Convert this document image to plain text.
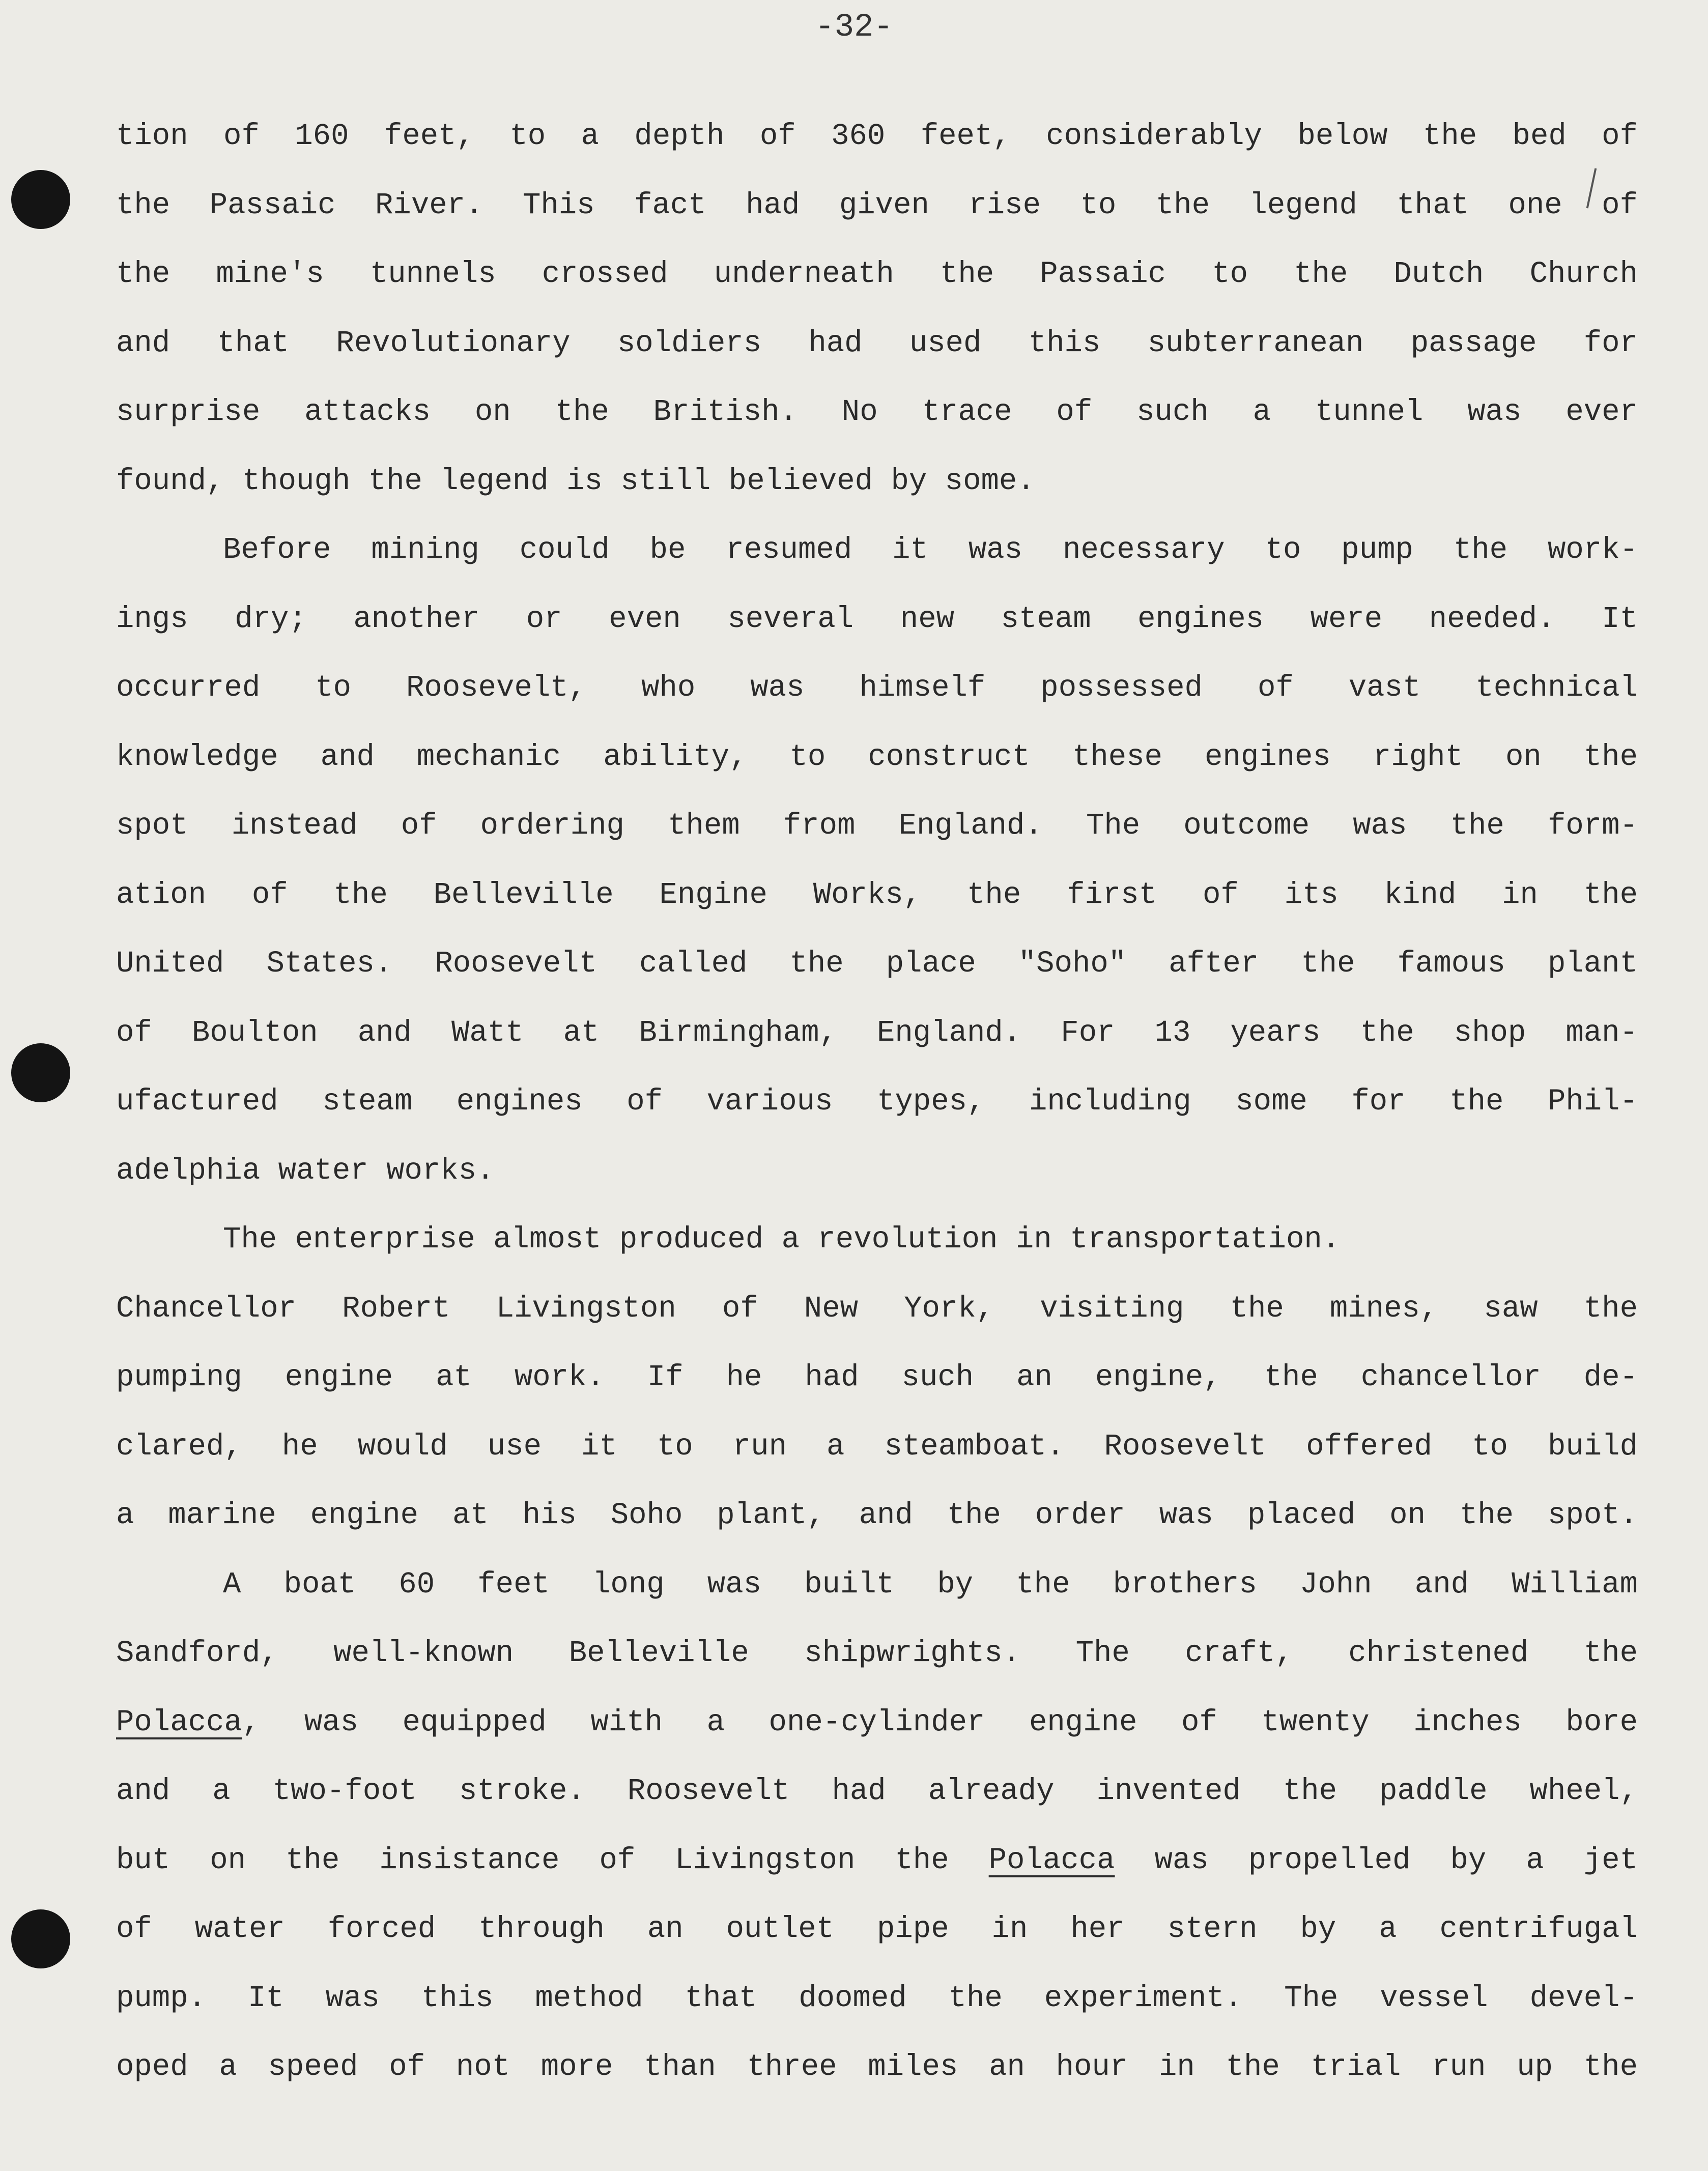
-32-
tion of 160 feet, to a depth of 360 feet, considerably below the bed of
the Passaic River. This fact had given rise to the legend that one of
the mine's tunnels crossed underneath the Passaic to the Dutch Church
and that Revolutionary soldiers had used this subterranean passage for
surprise attacks on the British. No trace of such a tunnel was ever
found, though the legend is still believed by some.
Before mining could be resumed it was necessary to pump the work-
ings dry; another or even several new steam engines were needed. It
occurred to Roosevelt, who was himself possessed of vast technical
knowledge and mechanic ability, to construct these engines right on the
spot instead of ordering them from England. The outcome was the form-
ation of the Belleville Engine Works, the first of its kind in the
United States. Roosevelt called the place "Soho" after the famous plant
of Boulton and Watt at Birmingham, England. For 13 years the shop man-
ufactured steam engines of various types, including some for the Phil-
adelphia water works.
The enterprise almost produced a revolution in transportation.
Chancellor Robert Livingston of New York, visiting the mines, saw the
pumping engine at work. If he had such an engine, the chancellor de-
clared, he would use it to run a steamboat. Roosevelt offered to build
a marine engine at his Soho plant, and the order was placed on the spot.
A boat 60 feet long was built by the brothers John and William
Sandford, well-known Belleville shipwrights. The craft, christened the
Polacca, was equipped with a one-cylinder engine of twenty inches bore
and a two-foot stroke. Roosevelt had already invented the paddle wheel,
but on the insistance of Livingston the Polacca was propelled by a jet
of water forced through an outlet pipe in her stern by a centrifugal
pump. It was this method that doomed the experiment. The vessel devel-
oped a speed of not more than three miles an hour in the trial run up the
